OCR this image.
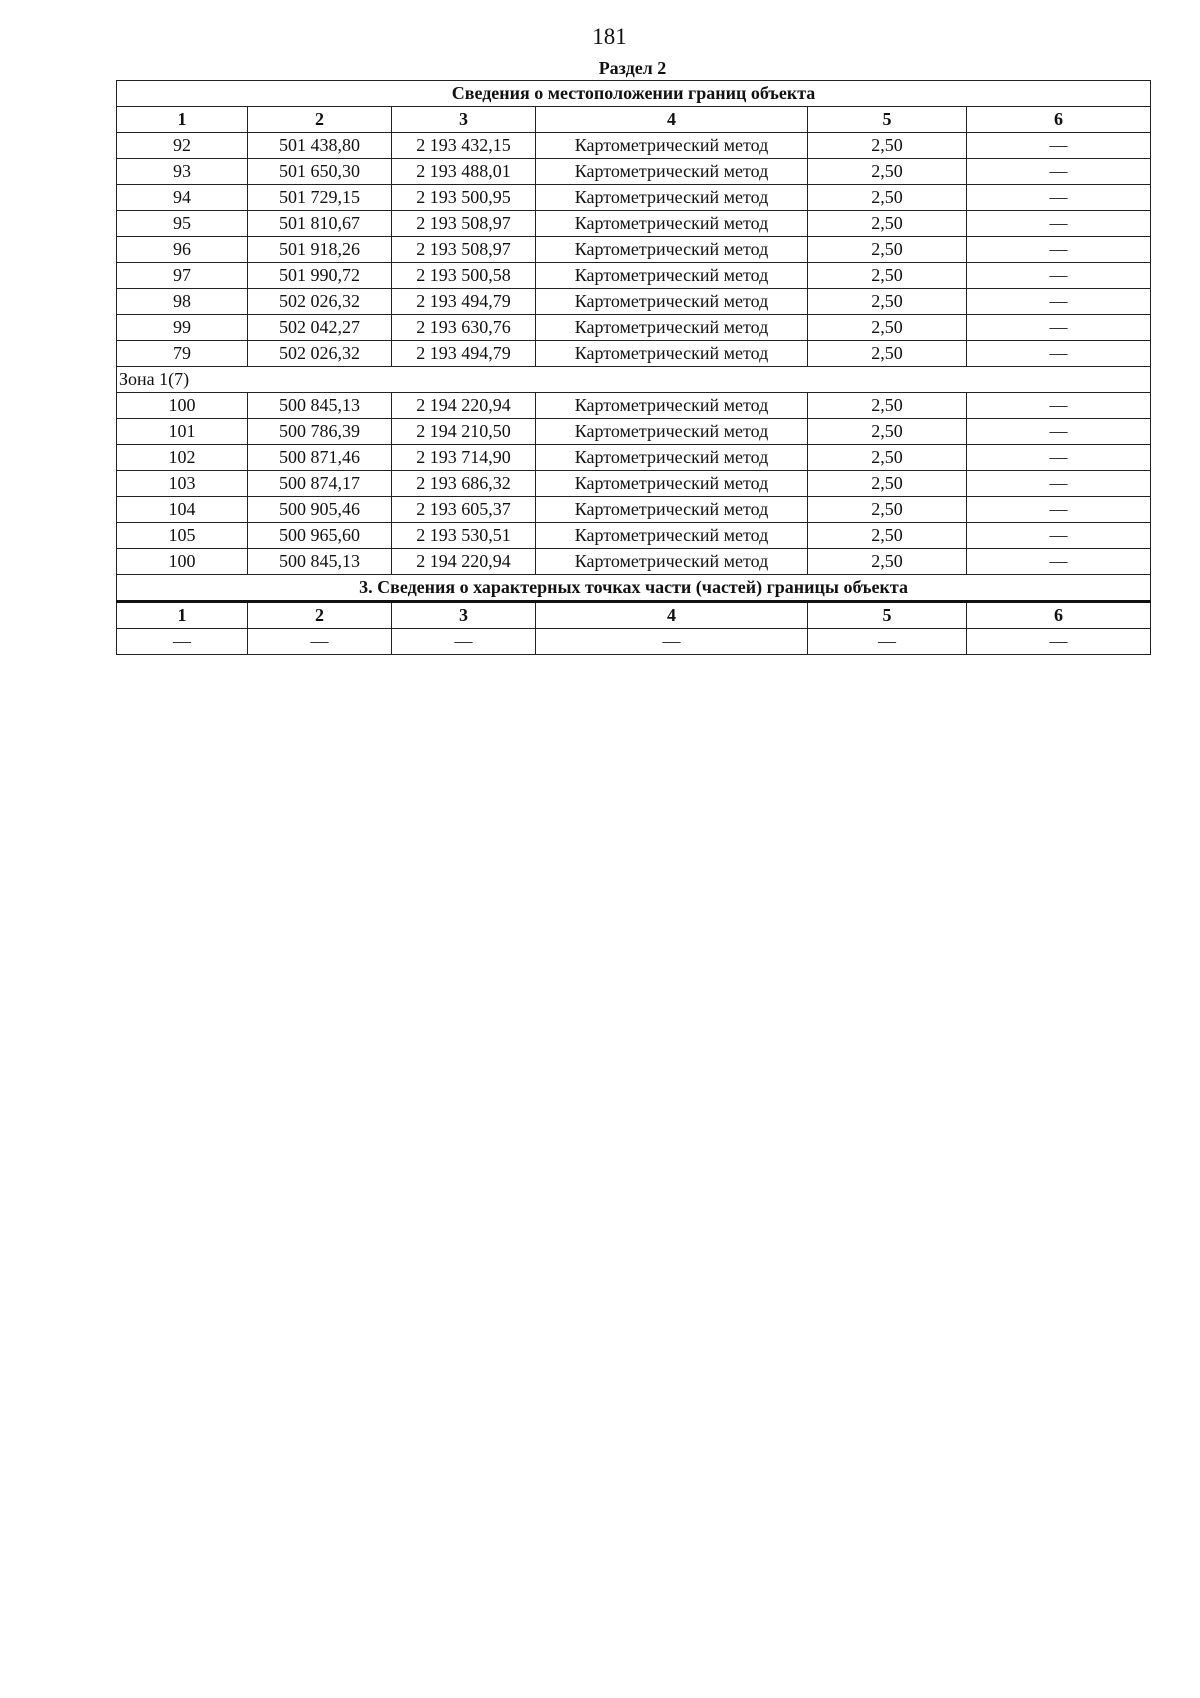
181
Раздел 2
Сведения о местоположении границ объекта					
1	2	3	4	5	6
92	501 438,80	2 193 432,15	Картометрический метод	2,50	—
93	501 650,30	2 193 488,01	Картометрический метод	2,50	—
94	501 729,15	2 193 500,95	Картометрический метод	2,50	—
95	501 810,67	2 193 508,97	Картометрический метод	2,50	—
96	501 918,26	2 193 508,97	Картометрический метод	2,50	—
97	501 990,72	2 193 500,58	Картометрический метод	2,50	—
98	502 026,32	2 193 494,79	Картометрический метод	2,50	—
99	502 042,27	2 193 630,76	Картометрический метод	2,50	—
79	502 026,32	2 193 494,79	Картометрический метод	2,50	—
Зона 1(7)					
100	500 845,13	2 194 220,94	Картометрический метод	2,50	—
101	500 786,39	2 194 210,50	Картометрический метод	2,50	—
102	500 871,46	2 193 714,90	Картометрический метод	2,50	—
103	500 874,17	2 193 686,32	Картометрический метод	2,50	—
104	500 905,46	2 193 605,37	Картометрический метод	2,50	—
105	500 965,60	2 193 530,51	Картометрический метод	2,50	—
100	500 845,13	2 194 220,94	Картометрический метод	2,50	—
3. Сведения о характерных точках части (частей) границы объекта					
1	2	3	4	5	6
—	—	—	—	—	—
